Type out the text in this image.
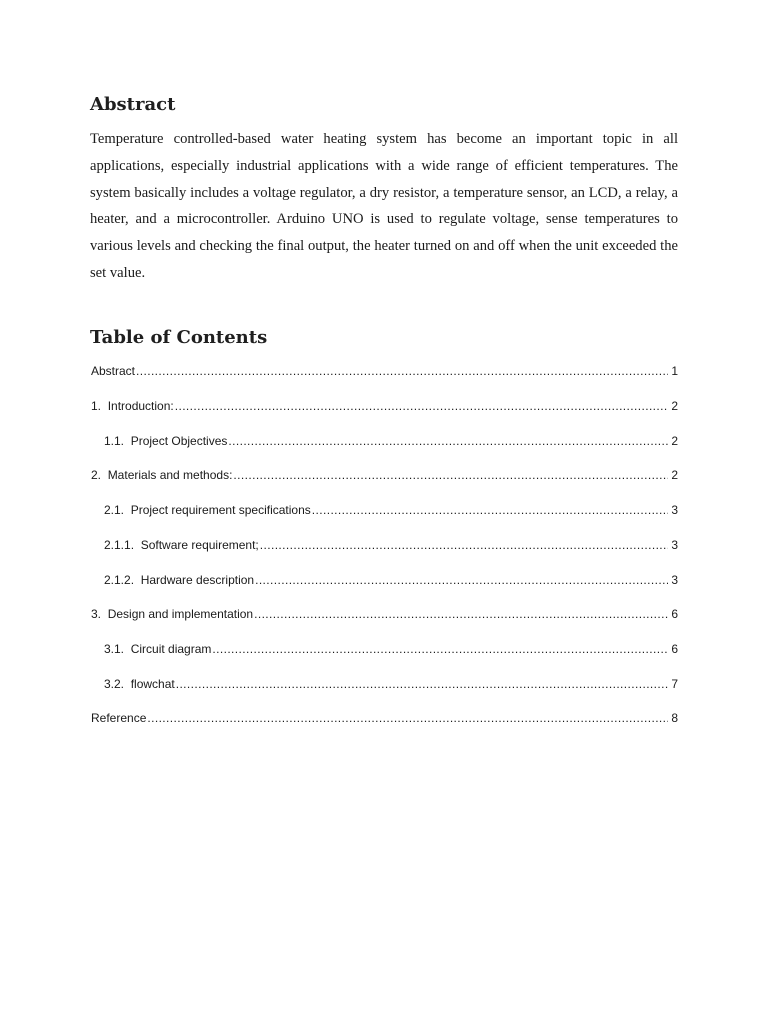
Abstract

Temperature controlled-based water heating system has become an important topic in all applications, especially industrial applications with a wide range of efficient temperatures. The system basically includes a voltage regulator, a dry resistor, a temperature sensor, an LCD, a relay, a heater, and a microcontroller. Arduino UNO is used to regulate voltage, sense temperatures to various levels and checking the final output, the heater turned on and off when the unit exceeded the set value.

Table of Contents
Abstract .....	1
1. Introduction: .....	2
1.1. Project Objectives .....	2
2. Materials and methods: .....	2
2.1. Project requirement specifications .....	3
2.1.1. Software requirement; .....	3
2.1.2. Hardware description .....	3
3. Design and implementation .....	6
3.1. Circuit diagram .....	6
3.2. flowchat .....	7
Reference .....	8
